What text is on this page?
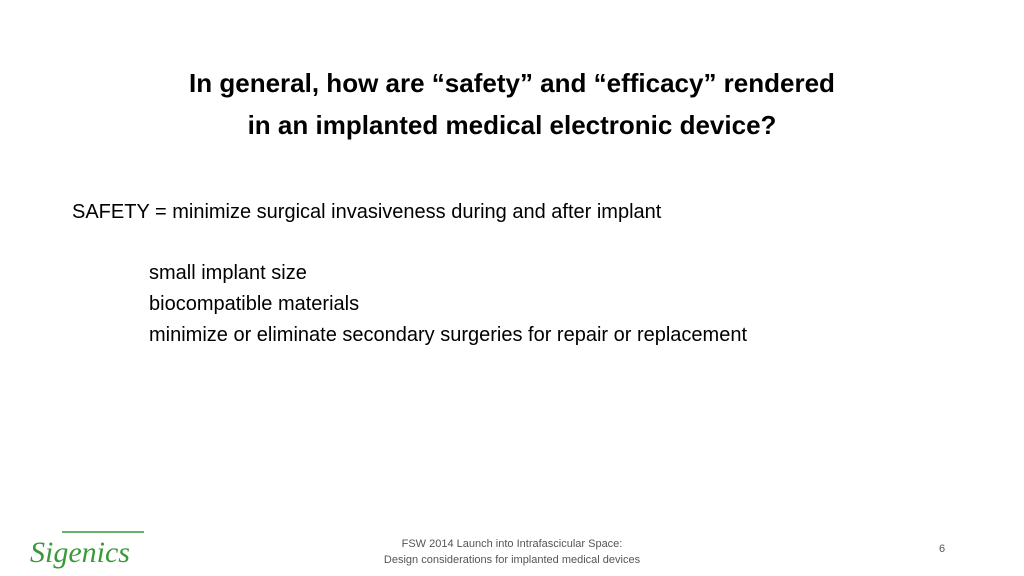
In general, how are “safety” and “efficacy” rendered
in an implanted medical electronic device?
SAFETY = minimize surgical invasiveness during and after implant
small implant size
biocompatible materials
minimize or eliminate secondary surgeries for repair or replacement
Sigenics	FSW 2014 Launch into Intrafascicular Space:
Design considerations for implanted medical devices
6
